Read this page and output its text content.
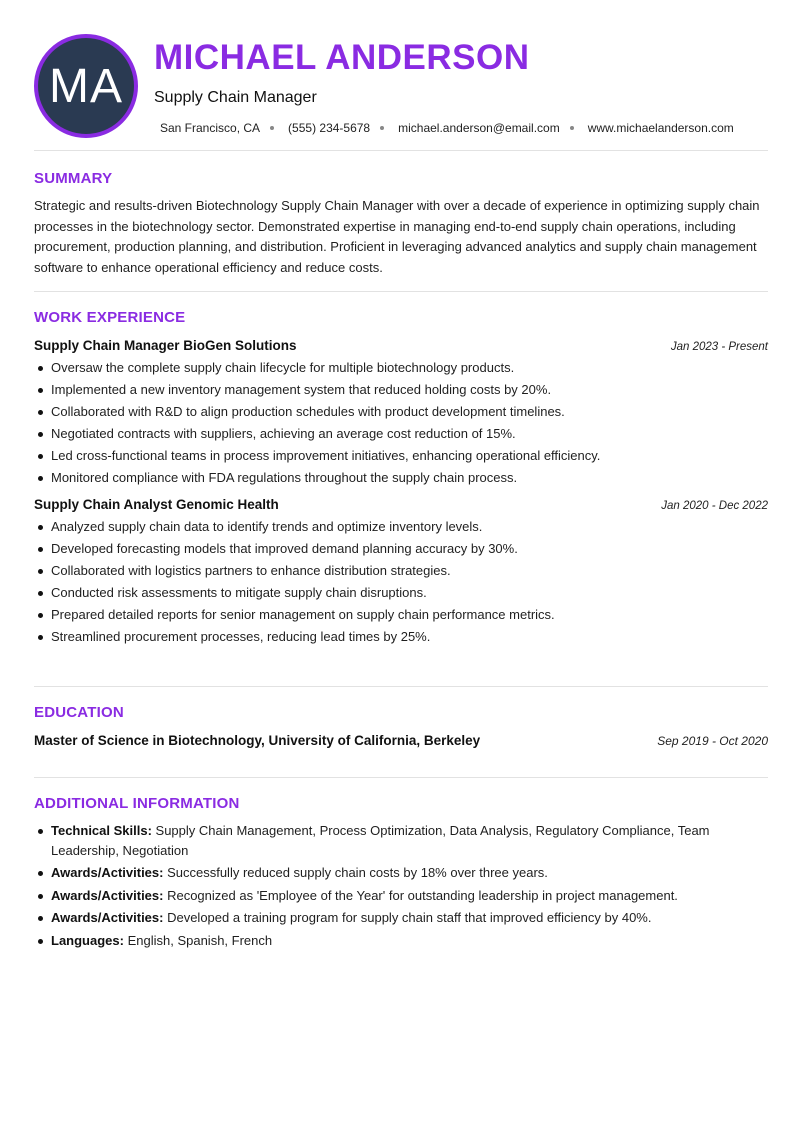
MA
MICHAEL ANDERSON
Supply Chain Manager
San Francisco, CA (555) 234-5678 michael.anderson@email.com www.michaelanderson.com
SUMMARY
Strategic and results-driven Biotechnology Supply Chain Manager with over a decade of experience in optimizing supply chain processes in the biotechnology sector. Demonstrated expertise in managing end-to-end supply chain operations, including procurement, production planning, and distribution. Proficient in leveraging advanced analytics and supply chain management software to enhance operational efficiency and reduce costs.
WORK EXPERIENCE
Supply Chain Manager BioGen Solutions	Jan 2023 - Present
Oversaw the complete supply chain lifecycle for multiple biotechnology products.
Implemented a new inventory management system that reduced holding costs by 20%.
Collaborated with R&D to align production schedules with product development timelines.
Negotiated contracts with suppliers, achieving an average cost reduction of 15%.
Led cross-functional teams in process improvement initiatives, enhancing operational efficiency.
Monitored compliance with FDA regulations throughout the supply chain process.
Supply Chain Analyst Genomic Health	Jan 2020 - Dec 2022
Analyzed supply chain data to identify trends and optimize inventory levels.
Developed forecasting models that improved demand planning accuracy by 30%.
Collaborated with logistics partners to enhance distribution strategies.
Conducted risk assessments to mitigate supply chain disruptions.
Prepared detailed reports for senior management on supply chain performance metrics.
Streamlined procurement processes, reducing lead times by 25%.
EDUCATION
Master of Science in Biotechnology, University of California, Berkeley	Sep 2019 - Oct 2020
ADDITIONAL INFORMATION
Technical Skills: Supply Chain Management, Process Optimization, Data Analysis, Regulatory Compliance, Team Leadership, Negotiation
Awards/Activities: Successfully reduced supply chain costs by 18% over three years.
Awards/Activities: Recognized as 'Employee of the Year' for outstanding leadership in project management.
Awards/Activities: Developed a training program for supply chain staff that improved efficiency by 40%.
Languages: English, Spanish, French
